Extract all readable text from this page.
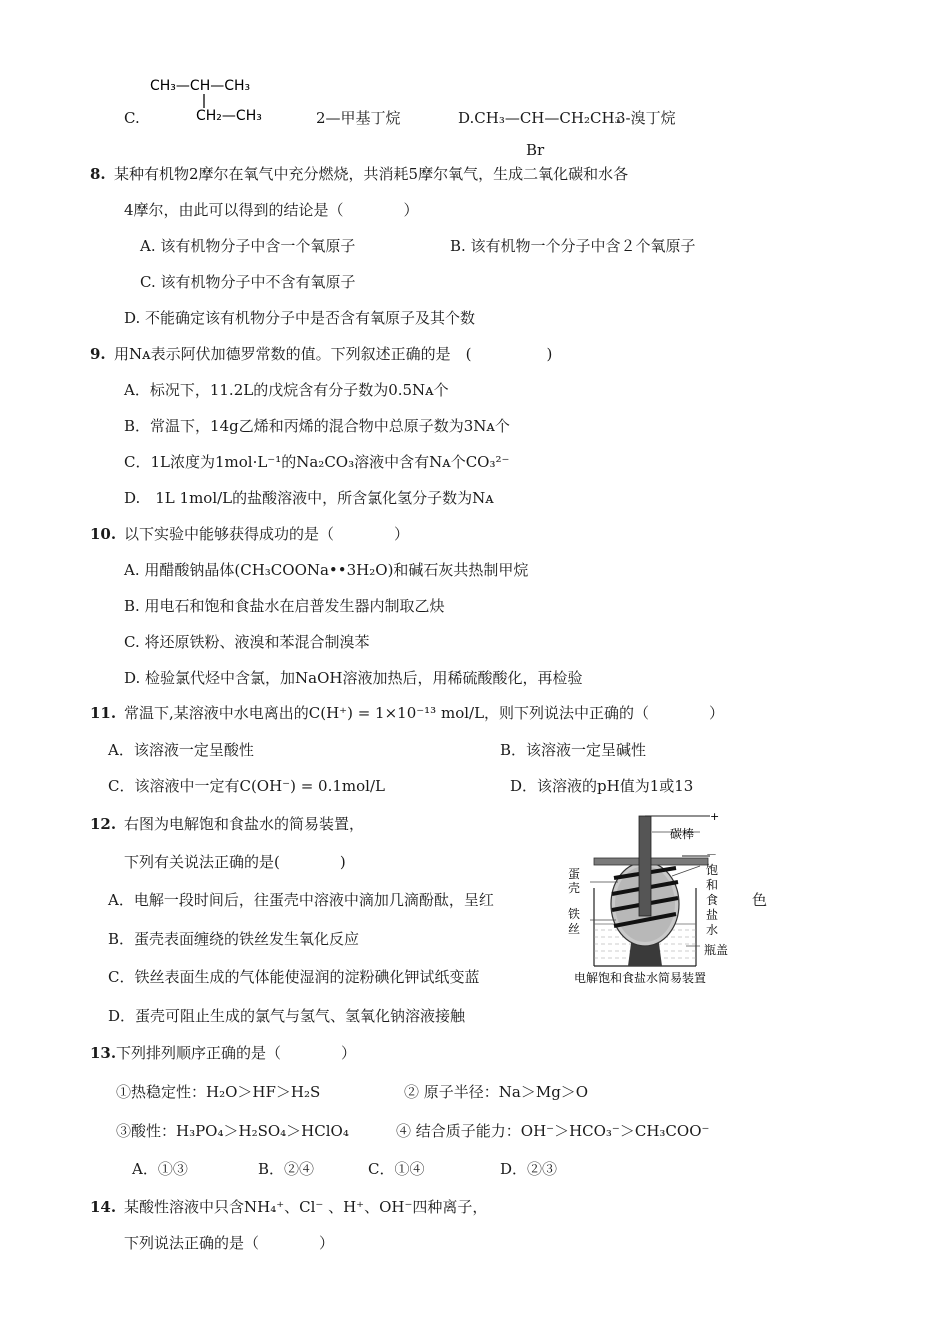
CH₃—CH—CH₃
CH₂—CH₃
C.	2—甲基丁烷	D.CH₃—CH—CH₂CH₃
3-溴丁烷
Br
8. 某种有机物2摩尔在氧气中充分燃烧，共消耗5摩尔氧气，生成二氧化碳和水各
4摩尔，由此可以得到的结论是（　　　　）
A. 该有机物分子中含一个氧原子	B. 该有机物一个分子中含２个氧原子
C. 该有机物分子中不含有氧原子
D. 不能确定该有机物分子中是否含有氧原子及其个数
9. 用Nᴀ表示阿伏加德罗常数的值。下列叙述正确的是　(　　　　　)
A．标况下，11.2L的戊烷含有分子数为0.5Nᴀ个
B．常温下，14g乙烯和丙烯的混合物中总原子数为3Nᴀ个
C．1L浓度为1mol·L⁻¹的Na₂CO₃溶液中含有Nᴀ个CO₃²⁻
D.　1L 1mol/L的盐酸溶液中，所含氯化氢分子数为Nᴀ
10. 以下实验中能够获得成功的是（　　　　）
A. 用醋酸钠晶体(CH₃COONa••3H₂O)和碱石灰共热制甲烷
B. 用电石和饱和食盐水在启普发生器内制取乙炔
C. 将还原铁粉、液溴和苯混合制溴苯
D. 检验氯代烃中含氯，加NaOH溶液加热后，用稀硫酸酸化，再检验
11. 常温下,某溶液中水电离出的C(H⁺) = 1×10⁻¹³ mol/L，则下列说法中正确的（　　　　）
A．该溶液一定呈酸性	B．该溶液一定呈碱性
C．该溶液中一定有C(OH⁻) = 0.1mol/L	D．该溶液的pH值为1或13
12. 右图为电解饱和食盐水的简易装置，
下列有关说法正确的是(　　　　)
A．电解一段时间后，往蛋壳中溶液中滴加几滴酚酞，呈红	色
B．蛋壳表面缠绕的铁丝发生氧化反应
C．铁丝表面生成的气体能使湿润的淀粉碘化钾试纸变蓝
D．蛋壳可阻止生成的氯气与氢气、氢氧化钠溶液接触
+
－
碳棒
蛋
壳
铁
丝
饱
和
食
盐
水
瓶盖
电解饱和食盐水简易装置
13. 下列排列顺序正确的是（　　　　）
①热稳定性：H₂O＞HF＞H₂S	② 原子半径：Na＞Mg＞O
③酸性：H₃PO₄＞H₂SO₄＞HClO₄	④ 结合质子能力：OH⁻＞HCO₃⁻＞CH₃COO⁻
A．①③	B．②④	C．①④	D．②③
14. 某酸性溶液中只含NH₄⁺、Cl⁻ 、H⁺、OH⁻四种离子，
下列说法正确的是（　　　　）
